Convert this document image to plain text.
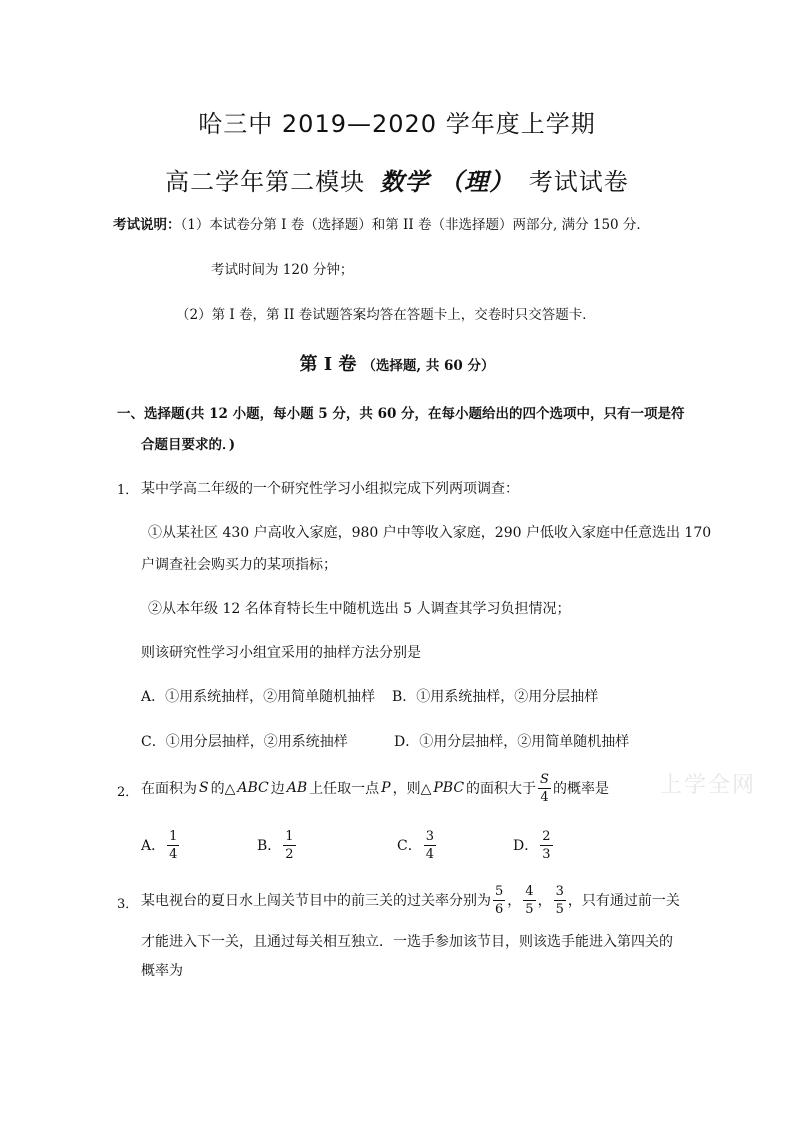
哈三中 2019—2020 学年度上学期
高二学年第二模块 数学 （理） 考试试卷
考试说明：（1）本试卷分第 I 卷（选择题）和第 II 卷（非选择题）两部分, 满分 150 分．
考试时间为 120 分钟；
（2）第 I 卷，第 II 卷试题答案均答在答题卡上，交卷时只交答题卡．
第 I 卷 （选择题, 共 60 分）
一、选择题(共 12 小题，每小题 5 分，共 60 分，在每小题给出的四个选项中，只有一项是符
合题目要求的．)
1． 某中学高二年级的一个研究性学习小组拟完成下列两项调查：
①从某社区 430 户高收入家庭，980 户中等收入家庭，290 户低收入家庭中任意选出 170
户调查社会购买力的某项指标；
②从本年级 12 名体育特长生中随机选出 5 人调查其学习负担情况；
则该研究性学习小组宜采用的抽样方法分别是
A．①用系统抽样，②用简单随机抽样 B．①用系统抽样，②用分层抽样
C．①用分层抽样，②用系统抽样	D．①用分层抽样，②用简单随机抽样
上学全网
2． 在面积为 S 的△ ABC 边 AB 上任取一点 P ，则△ PBC 的面积大于 $\frac{S}{4}$ 的概率是
A． $\frac{1}{4}$	B． $\frac{1}{2}$	C． $\frac{3}{4}$	D． $\frac{2}{3}$
3． 某电视台的夏日水上闯关节目中的前三关的过关率分别为 $\frac{5}{6}$ ， $\frac{4}{5}$ ， $\frac{3}{5}$ ，只有通过前一关
才能进入下一关，且通过每关相互独立．一选手参加该节目，则该选手能进入第四关的
概率为
